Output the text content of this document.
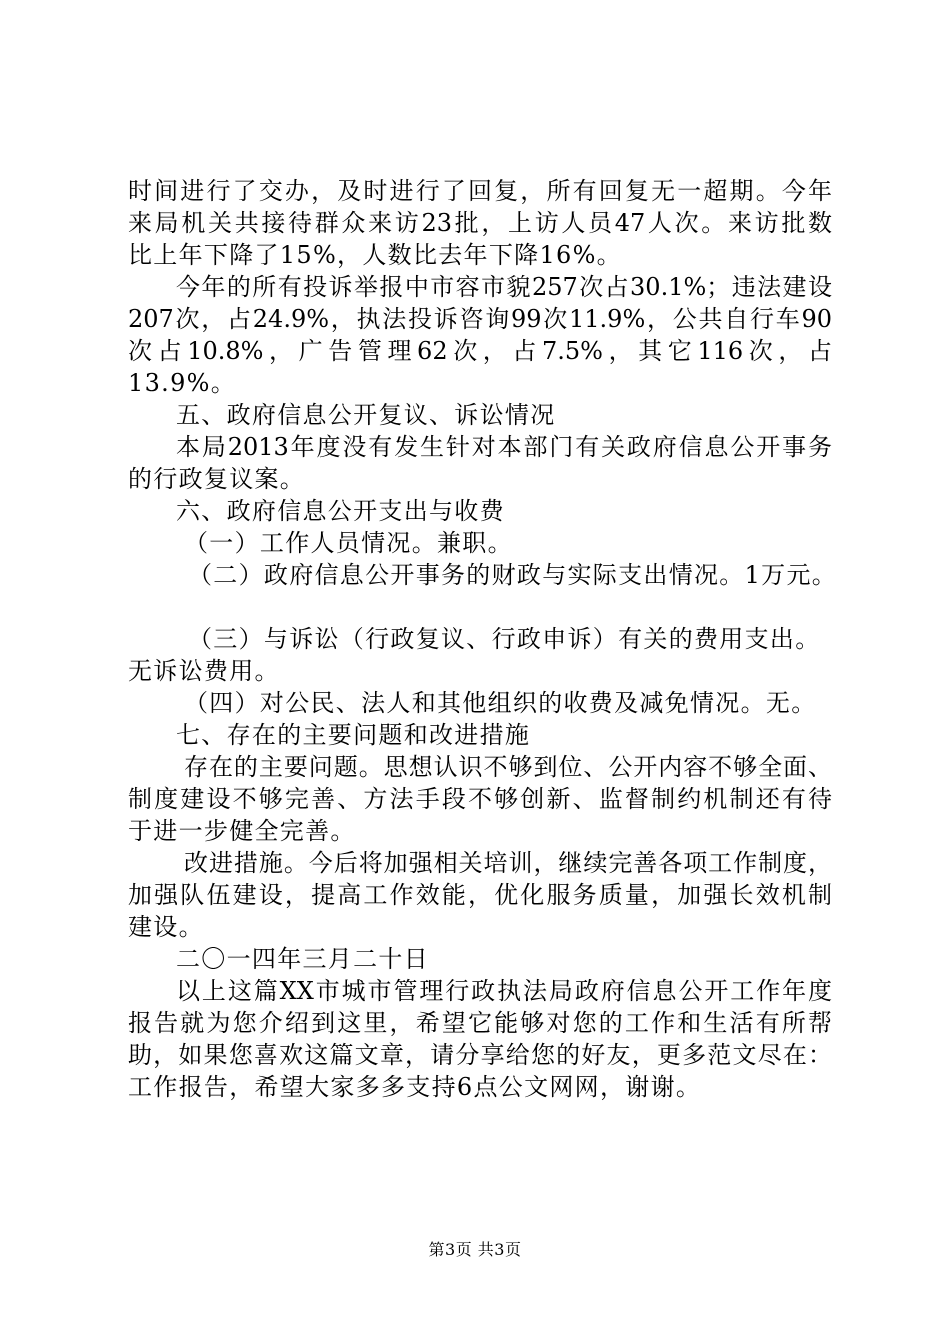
时间进行了交办，及时进行了回复，所有回复无一超期。今年
来局机关共接待群众来访23批，上访人员47人次。来访批数
比上年下降了15%，人数比去年下降16%。
今年的所有投诉举报中市容市貌257次占30.1%；违法建设
207次，占24.9%，执法投诉咨询99次11.9%，公共自行车90
次占10.8%，广告管理62次，占7.5%，其它116次，占
13.9%。
五、政府信息公开复议、诉讼情况
本局2013年度没有发生针对本部门有关政府信息公开事务
的行政复议案。
六、政府信息公开支出与收费
（一）工作人员情况。兼职。
（二）政府信息公开事务的财政与实际支出情况。1万元。
（三）与诉讼（行政复议、行政申诉）有关的费用支出。
无诉讼费用。
（四）对公民、法人和其他组织的收费及减免情况。无。
七、存在的主要问题和改进措施
存在的主要问题。思想认识不够到位、公开内容不够全面、
制度建设不够完善、方法手段不够创新、监督制约机制还有待
于进一步健全完善。
改进措施。今后将加强相关培训，继续完善各项工作制度，
加强队伍建设，提高工作效能，优化服务质量，加强长效机制
建设。
二〇一四年三月二十日
以上这篇XX市城市管理行政执法局政府信息公开工作年度
报告就为您介绍到这里，希望它能够对您的工作和生活有所帮
助，如果您喜欢这篇文章，请分享给您的好友，更多范文尽在：
工作报告，希望大家多多支持6点公文网网，谢谢。
第3页 共3页
